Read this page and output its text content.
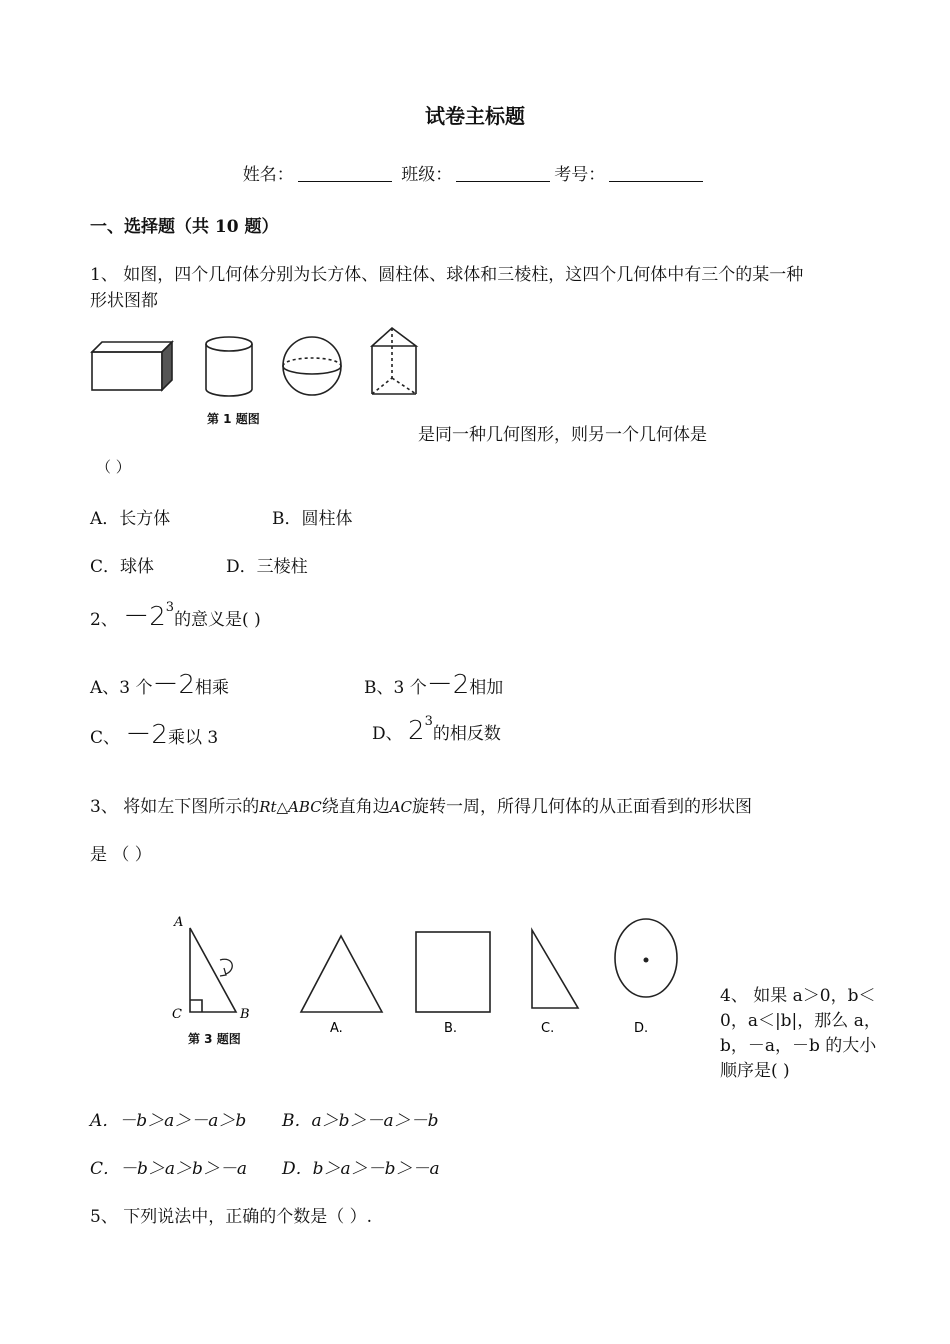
试卷主标题
姓名：	班级：	考号：
一、选择题（共 10 题）
1、 如图，四个几何体分别为长方体、圆柱体、球体和三棱柱，这四个几何体中有三个的某一种
形状图都
第 1 题图
是同一种几何图形，则另一个几何体是
（ ）
A．长方体	B．圆柱体
C．球体	D．三棱柱
2、 $-2^3$的意义是( )
A、3 个－2相乘	B、3 个－2相加
C、 －2乘以 3	D、 $2^3$的相反数
3、 将如左下图所示的Rt△ABC绕直角边AC旋转一周，所得几何体的从正面看到的形状图
是 （ ）
A
C	B
A.	B.	C.	D.
第 3 题图
4、 如果 a＞0，b＜
0，a＜|b|，那么 a，
b，－a，－b 的大小
顺序是( )
A．－b＞a＞－a＞b B．a＞b＞－a＞－b
C．－b＞a＞b＞－a D．b＞a＞－b＞－a
5、 下列说法中，正确的个数是（ ）.
